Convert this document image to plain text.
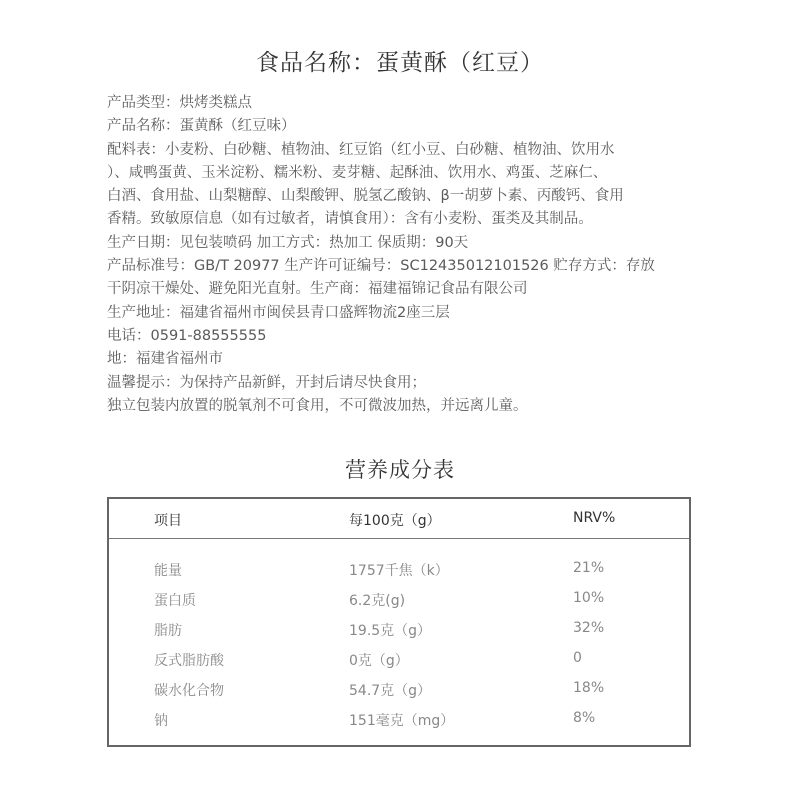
食品名称：蛋黄酥（红豆）

产品类型：烘烤类糕点

产品名称：蛋黄酥（红豆味）

配料表：小麦粉、白砂糖、植物油、红豆馅（红小豆、白砂糖、植物油、饮用水

）、咸鸭蛋黄、玉米淀粉、糯米粉、麦芽糖、起酥油、饮用水、鸡蛋、芝麻仁、

白酒、食用盐、山梨糖醇、山梨酸钾、脱氢乙酸钠、β一胡萝卜素、丙酸钙、食用

香精。致敏原信息（如有过敏者，请慎食用）：含有小麦粉、蛋类及其制品。

生产日期：见包装喷码 加工方式：热加工 保质期：90天

产品标准号：GB/T 20977 生产许可证编号：SC12435012101526 贮存方式：存放

干阴凉干燥处、避免阳光直射。生产商：福建福锦记食品有限公司

生产地址：福建省福州市闽侯县青口盛辉物流2座三层

电话：0591-88555555

地：福建省福州市

温馨提示：为保持产品新鲜，开封后请尽快食用；

独立包装内放置的脱氧剂不可食用，不可微波加热，并远离儿童。

营养成分表
项目	每100克（g）	NRV%
能量	1757千焦（k）	21%
蛋白质	6.2克(g)	10%
脂肪	19.5克（g）	32%
反式脂肪酸	0克（g）	0
碳水化合物	54.7克（g）	18%
钠	151毫克（mg）	8%
